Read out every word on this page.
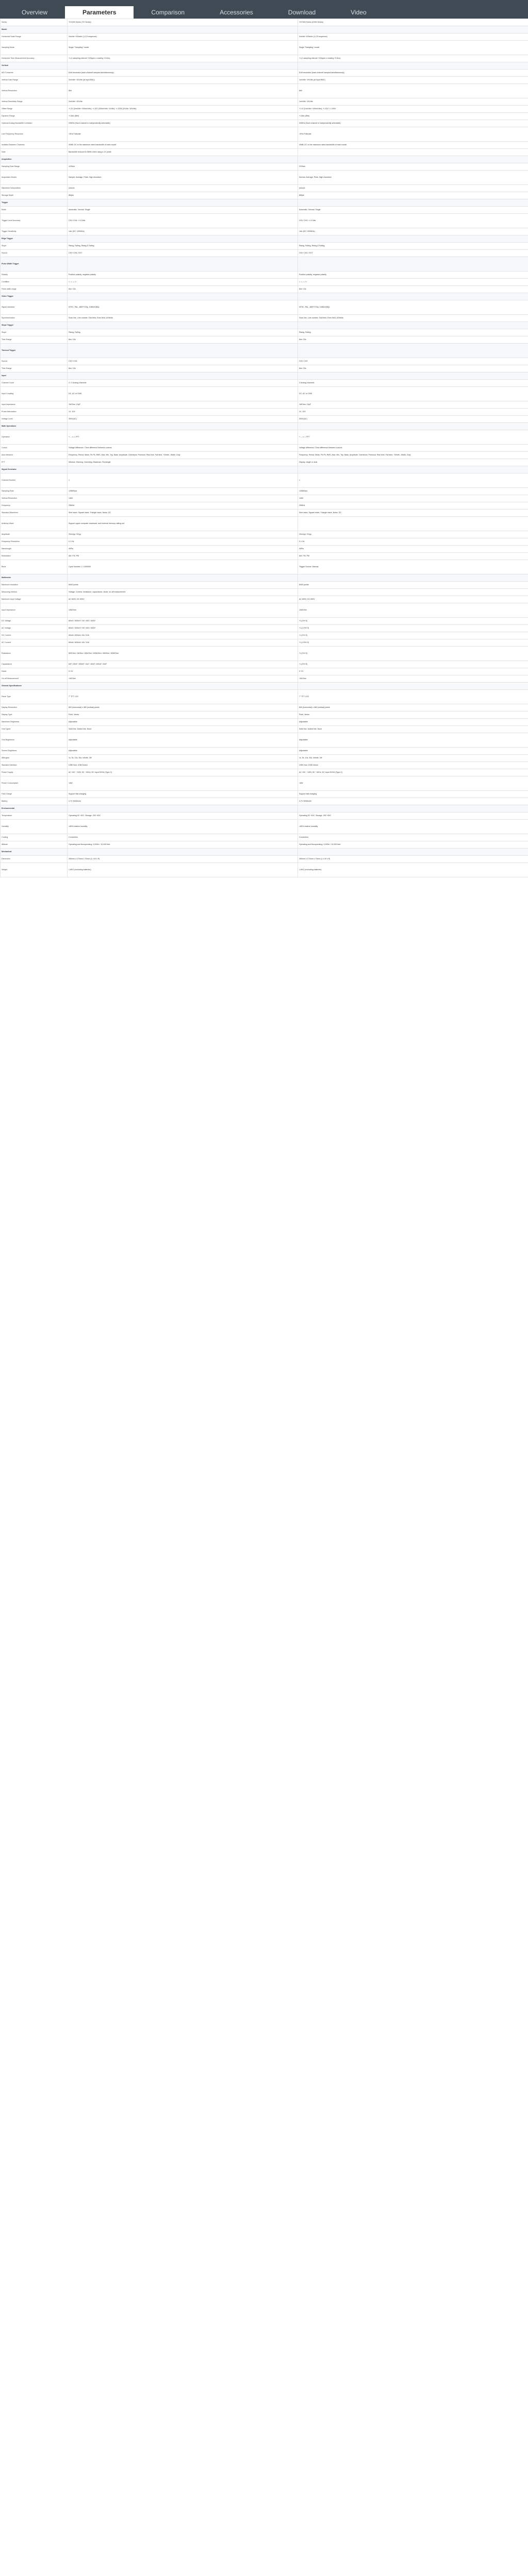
Overview	Parameters	Comparison	Accessories	Download	Video
Series	TO1000 Series (TO Series)	TO7000 Series (DHM Series)
Model		
Horizontal Scale Range	2ns/div~100s/div (1,2,5 sequence)	2ns/div~100s/div (1,2,5 sequence)
Sampling Mode	Single "Sampling" model	Single "Sampling" model
Horizontal Time Measurement Accuracy	+/-(1 sampling interval +100ppm x reading +0.6ns)	+/-(1 sampling interval +100ppm x reading +0.6ns)
Vertical		
A/D Converter	8-bit resolution (each channel sampled simultaneously)	8-bit resolution (each channel sampled simultaneously)
Vertical Gain Range	2mV/div~10V/div (at input BNC)	1mV/div~10V/div (at input BNC)
Vertical Resolution	8bit	8bit
Vertical Sensitivity Range	2mV/div~10V/div	1mV/div~10V/div
Offset Range	+/-1V (2mV/div~100mV/div); +/-10V (200mV/div~1V/div); +/-100V (2V/div~10V/div)	+/-1V (1mV/div~100mV/div); +/-10V; +/-100V
Dynamic Range	+/-5div (8bit)	+/-5div (8bit)
Optional Analog Bandwidth Limitation	20MHz (Each channel is independently selectable)	20MHz (Each channel is independently selectable)
Low Frequency Response	<5Hz Fullscale	<5Hz Fullscale
Isolation Between Channels	40dB: DC to the maximum rated bandwidth of each model	40dB: DC to the maximum rated bandwidth of each model
Note	Bandwidth reduced to 6MHz when using a 1X probe	
Acquisition		
Sampling Rate Range	1GSa/s	2GSa/s
Acquisition Modes	Sample, Average, Peak, High resolution	Normal, Average, Peak, High resolution
Waveform Interpolation	(sinx)/x	(sinx)/x
Storage Depth	8Mpts	8Mpts
Trigger		
Mode	Automatic, Normal, Single	Automatic, Normal, Single
Trigger Level Accuracy	CH1~CH4: +/-0.3div	CH1~CH2: +/-0.3div
Trigger Sensitivity	1div (DC~100MHz)	1div (DC~200MHz)
Edge Trigger		
Slope	Rising, Falling, Rising & Falling	Rising, Falling, Rising & Falling
Source	CH1~CH4 / EXT	CH1~CH2 / EXT
Pulse Width Trigger		
Polarity	Positive polarity, negative polarity	Positive polarity, negative polarity
Condition	>, <, =, !=	>, <, =, !=
Pulse width range	8ns~10s	8ns~10s
Video Trigger		
Signal standard	NTSC, PAL, 480P/720p, 1080i/1080p	NTSC, PAL, 480P/720p, 1080i/1080p
Synchronization	Scan line, Line number, Odd field, Even field, All fields	Scan line, Line number, Odd field, Even field, All fields
Slope Trigger		
Slope	Rising, Falling	Rising, Falling
Time Range	8ns~10s	8ns~10s
Timeout Trigger		
Source	CH1~CH4	CH1~CH2
Time Range	8ns~10s	8ns~10s
Input		
Channel Count	4 / 2 Analog channels	2 Analog channels
Input Coupling	DC, AC or GND	DC, AC or GND
Input Impedance	1MOhm, 15pF	1MOhm, 15pF
Probe Attenuation	1X, 10X	1X, 10X
Voltage Level	300V(AC)	300V(AC)
Math Operations		
Operation	+, -, x, /, FFT	+, -, x, /, FFT
Cursor	Voltage difference / Time difference between cursors	Voltage difference / Time difference between cursors
Auto Measure	Frequency, Period, Mean, Pk-Pk, RMS, Max, Min, Top, Base, Amplitude, Overshoot, Preshoot, Rise time, Fall time, +Width, -Width, Duty	Frequency, Period, Mean, Pk-Pk, RMS, Max, Min, Top, Base, Amplitude, Overshoot, Preshoot, Rise time, Fall time, +Width, -Width, Duty
FFT	Window: Hanning, Hamming, Blackman, Rectangle	Display: single or dual
Signal Generator		
Channel Number	1	1
Sampling Rate	125MSa/s	125MSa/s
Vertical Resolution	14bit	14bit
Frequency	25MHz	25MHz
Standard Waveform	Sine wave, Square wave, Triangle wave, Noise, DC	Sine wave, Square wave, Triangle wave, Noise, DC
Arbitrary Wave	Support upper computer download, and external memory calling out	
Amplitude	20mVpp~5Vpp	20mVpp~5Vpp
Frequency Resolution	0.1 Hz	0.1 Hz
Wavelength	4kPts	4kPts
Modulation	AM, FM, PM	AM, FM, PM
Burst	Cycle Number: 1~1000000	Trigger Source: Manual
Multimeter		
Maximum resolution	6000 points	6000 points
Measuring method	Voltage, Current, resistance, capacitance, diode, on-off measurement	
Maximum Input Voltage	AC 600V, DC 600V	AC 600V, DC 600V
Input Impedance	10MOhm	10MOhm
DC Voltage	60mV / 600mV / 6V / 60V / 600V	+/-(1%+3)
AC Voltage	60mV / 600mV / 6V / 60V / 600V	+/-(1.2%+3)
DC Current	60mA / 600mA / 6A / 10A	+/-(1%+3)
AC Current	60mA / 600mA / 6A / 10A	+/-(1.5%+3)
Resistance	600Ohm / 6kOhm / 60kOhm / 600kOhm / 6MOhm / 60MOhm	+/-(1%+3)
Capacitance	6nF / 60nF / 600nF / 6uF / 60uF / 600uF / 6mF	+/-(2%+5)
Diode	0~2V	0~2V
On-off Measurement	<50Ohm	<50Ohm
General Specifications		
Panel Type	7" TFT LCD	7" TFT LCD
Display Resolution	800 (horizontal) x 480 (vertical) pixels	800 (horizontal) x 480 (vertical) pixels
Display Type	Point, Vector	Point, Vector
Waveform Brightness	Adjustable	Adjustable
Grid Types	Solid line, Dotted line, None	Solid line, Dotted line, None
Grid Brightness	Adjustable	Adjustable
Screen Brightness	Adjustable	Adjustable
Afterglow	1s, 5s, 10s, 30s, Infinite, Off	1s, 5s, 10s, 30s, Infinite, Off
Standard Interface	USB Host, USB Device	USB Host, USB Device
Power Supply	AC 100 ~ 240V, 50 ~ 60Hz; DC input 5V/2A (Type-C)	AC 100 ~ 240V, 50 ~ 60Hz; DC input 5V/2A (Type-C)
Power Consumption	<8W	<8W
Fast Charge	Support fast charging	Support fast charging
Battery	3.7V 3000mAh	3.7V 3000mAh
Environmental		
Temperature	Operating 0C~40C; Storage -20C~60C	Operating 0C~40C; Storage -20C~60C
Humidity	<85% relative humidity	<85% relative humidity
Cooling	Convection	Convection
Altitude	Operating and Nonoperating: 3,000m / 10,000 feet	Operating and Nonoperating: 3,000m / 10,000 feet
Mechanical		
Dimension	260mm x 170mm x 70mm (L x W x H)	260mm x 170mm x 70mm (L x W x H)
Weight	1.6KG (excluding batteries)	1.6KG (excluding batteries)
